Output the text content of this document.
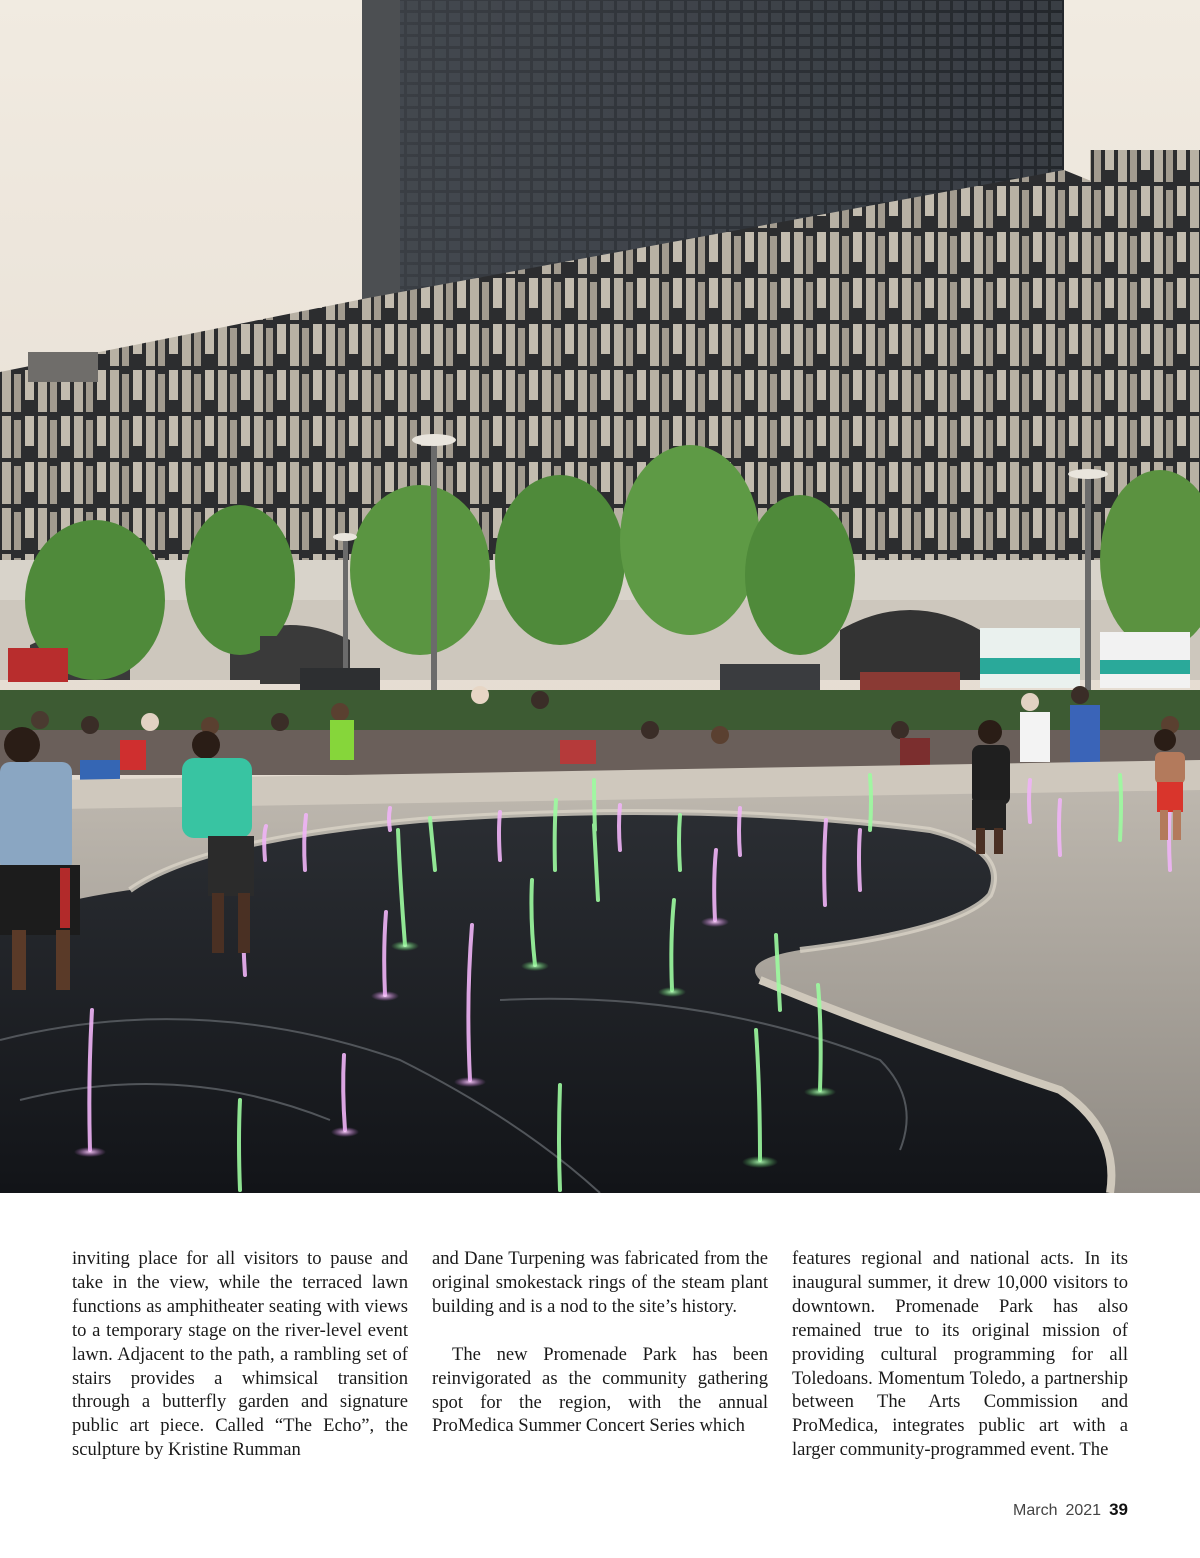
inviting place for all visitors to pause and take in the view, while the terraced lawn functions as amphitheater seating with views to a temporary stage on the river-level event lawn. Adjacent to the path, a rambling set of stairs provides a whimsical transition through a butterfly garden and signature public art piece. Called “The Echo”, the sculpture by Kristine Rumman

and Dane Turpening was fabricated from the original smokestack rings of the steam plant building and is a nod to the site’s history.

The new Promenade Park has been reinvigorated as the community gathering spot for the region, with the annual ProMedica Summer Concert Series which

features regional and national acts. In its inaugural summer, it drew 10,000 visitors to downtown. Promenade Park has also remained true to its original mission of providing cultural programming for all Toledoans. Momentum Toledo, a partnership between The Arts Commission and ProMedica, integrates public art with a larger community-programmed event. The

March 2021 39
